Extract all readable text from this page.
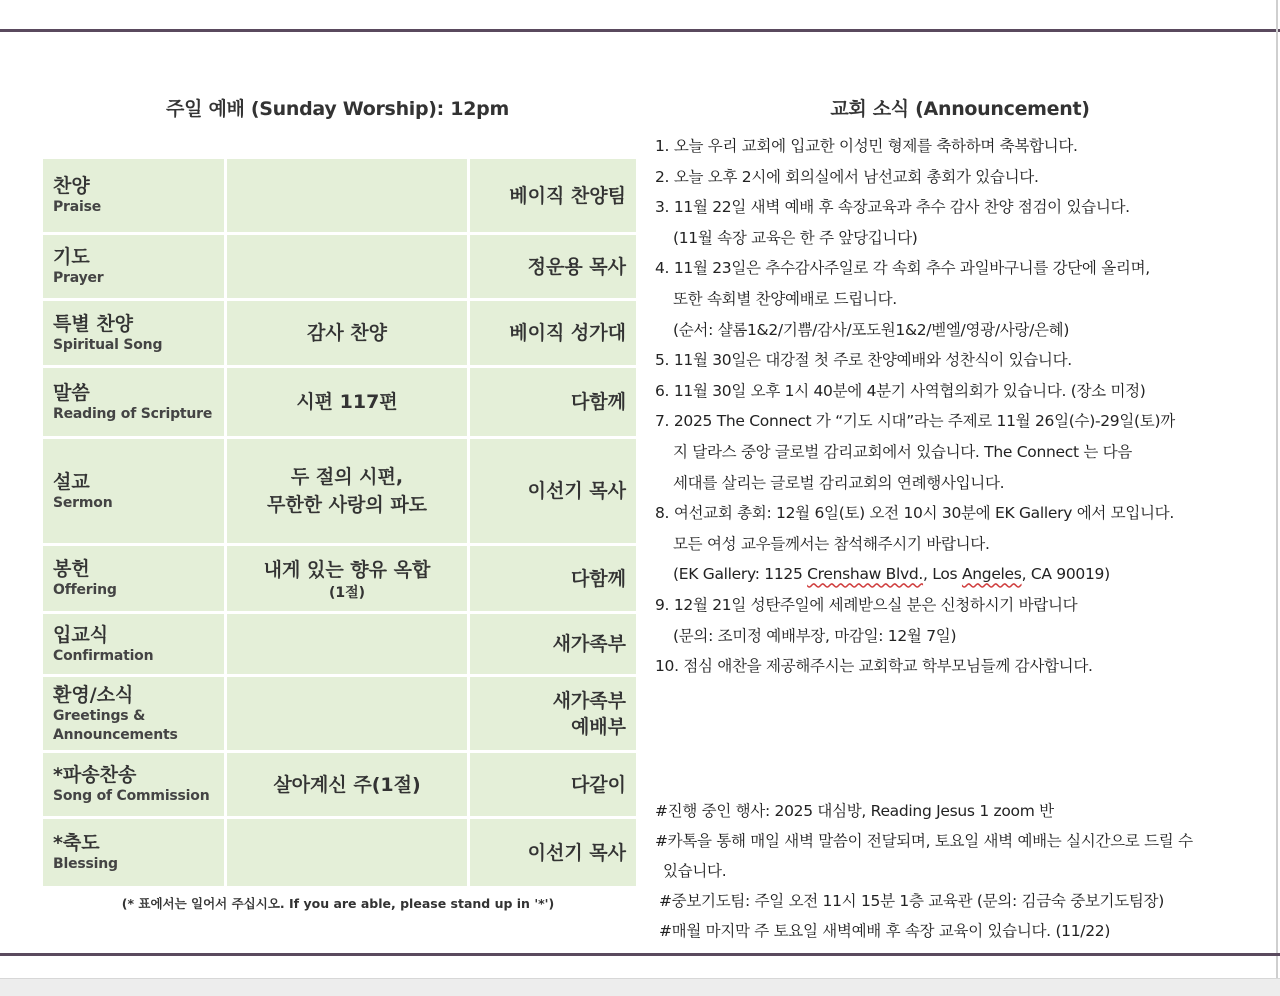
주일 예배 (Sunday Worship): 12pm	교회 소식 (Announcement)
찬양
Praise		베이직 찬양팀

기도
Prayer		정운용 목사

특별 찬양
Spiritual Song	감사 찬양	베이직 성가대

말씀
Reading of Scripture	시편 117편	다함께

설교
Sermon	두 절의 시편,
무한한 사랑의 파도	이선기 목사

봉헌
Offering	내게 있는 향유 옥합
(1절)	다함께

입교식
Confirmation		새가족부

환영/소식
Greetings &
Announcements		새가족부
예배부

*파송찬송
Song of Commission	살아계신 주(1절)	다같이

*축도
Blessing		이선기 목사
(* 표에서는 일어서 주십시오. If you are able, please stand up in '*')
1. 오늘 우리 교회에 입교한 이성민 형제를 축하하며 축복합니다.
2. 오늘 오후 2시에 회의실에서 남선교회 총회가 있습니다.
3. 11월 22일 새벽 예배 후 속장교육과 추수 감사 찬양 점검이 있습니다.
(11월 속장 교육은 한 주 앞당깁니다)
4. 11월 23일은 추수감사주일로 각 속회 추수 과일바구니를 강단에 올리며,
또한 속회별 찬양예배로 드립니다.
(순서: 샬롬1&2/기쁨/감사/포도원1&2/벧엘/영광/사랑/은혜)
5. 11월 30일은 대강절 첫 주로 찬양예배와 성찬식이 있습니다.
6. 11월 30일 오후 1시 40분에 4분기 사역협의회가 있습니다. (장소 미정)
7. 2025 The Connect 가 “기도 시대”라는 주제로 11월 26일(수)-29일(토)까
지 달라스 중앙 글로벌 감리교회에서 있습니다. The Connect 는 다음
세대를 살리는 글로벌 감리교회의 연례행사입니다.
8. 여선교회 총회: 12월 6일(토) 오전 10시 30분에 EK Gallery 에서 모입니다.
모든 여성 교우들께서는 참석해주시기 바랍니다.
(EK Gallery: 1125 Crenshaw Blvd., Los Angeles, CA 90019)
9. 12월 21일 성탄주일에 세례받으실 분은 신청하시기 바랍니다
(문의: 조미정 예배부장, 마감일: 12월 7일)
10. 점심 애찬을 제공해주시는 교회학교 학부모님들께 감사합니다.
#진행 중인 행사: 2025 대심방, Reading Jesus 1 zoom 반
#카톡을 통해 매일 새벽 말씀이 전달되며, 토요일 새벽 예배는 실시간으로 드릴 수
있습니다.
#중보기도팀: 주일 오전 11시 15분 1층 교육관 (문의: 김금숙 중보기도팀장)
#매월 마지막 주 토요일 새벽예배 후 속장 교육이 있습니다. (11/22)
